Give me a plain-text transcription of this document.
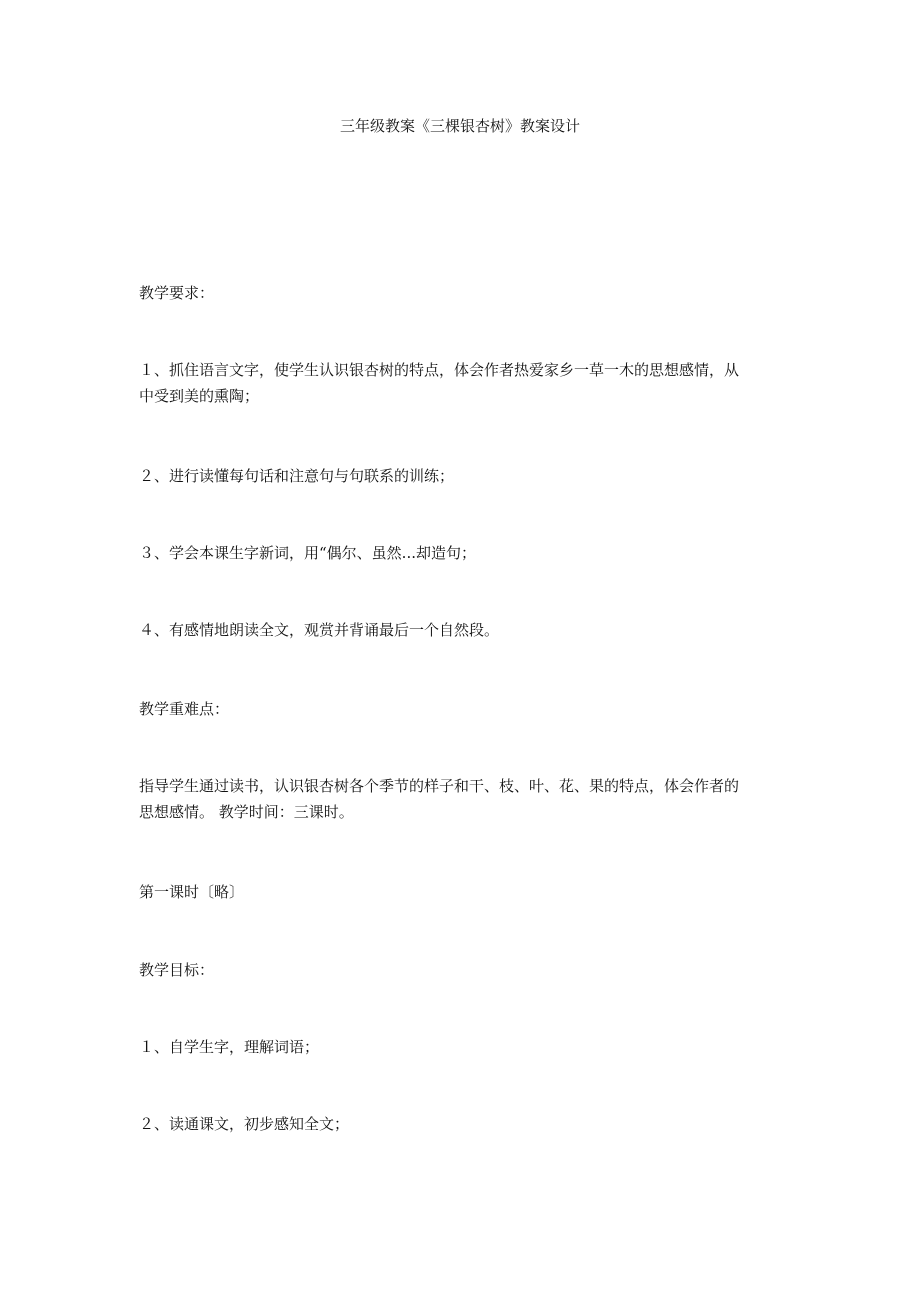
三年级教案《三棵银杏树》教案设计
教学要求：
１、抓住语言文字，使学生认识银杏树的特点，体会作者热爱家乡一草一木的思想感情，从
中受到美的熏陶；
２、进行读懂每句话和注意句与句联系的训练；
３、学会本课生字新词，用“偶尔、虽然...却造句；
４、有感情地朗读全文，观赏并背诵最后一个自然段。
教学重难点：
指导学生通过读书，认识银杏树各个季节的样子和干、枝、叶、花、果的特点，体会作者的
思想感情。 教学时间：三课时。
第一课时〔略〕
教学目标：
１、自学生字，理解词语；
２、读通课文，初步感知全文；
